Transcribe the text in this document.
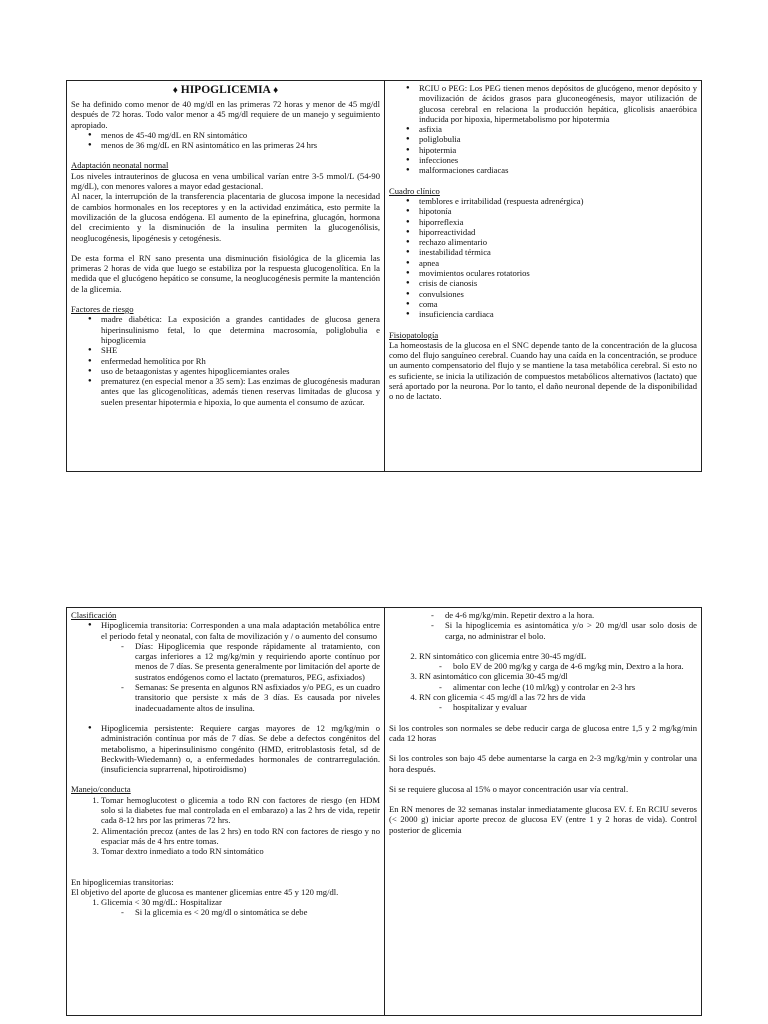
♦ HIPOGLICEMIA ♦

Se ha definido como menor de 40 mg/dl en las primeras 72 horas y menor de 45 mg/dl después de 72 horas. Todo valor menor a 45 mg/dl requiere de un manejo y seguimiento apropiado.

● menos de 45-40 mg/dL en RN sintomático
● menos de 36 mg/dL en RN asintomático en las primeras 24 hrs

Adaptación neonatal normal

Los niveles intrauterinos de glucosa en vena umbilical varían entre 3-5 mmol/L (54-90 mg/dL), con menores valores a mayor edad gestacional.

Al nacer, la interrupción de la transferencia placentaria de glucosa impone la necesidad de cambios hormonales en los receptores y en la actividad enzimática, esto permite la movilización de la glucosa endógena. El aumento de la epinefrina, glucagón, hormona del crecimiento y la disminución de la insulina permiten la glucogenólisis, neoglucogénesis, lipogénesis y cetogénesis.

De esta forma el RN sano presenta una disminución fisiológica de la glicemia las primeras 2 horas de vida que luego se estabiliza por la respuesta glucogenolítica. En la medida que el glucógeno hepático se consume, la neoglucogénesis permite la mantención de la glicemia.

Factores de riesgo

● madre diabética: La exposición a grandes cantidades de glucosa genera hiperinsulinismo fetal, lo que determina macrosomía, poliglobulia e hipoglicemia
● SHE
● enfermedad hemolítica por Rh
● uso de betaagonistas y agentes hipoglicemiantes orales
● prematurez (en especial menor a 35 sem): Las enzimas de glucogénesis maduran antes que las glicogenolíticas, además tienen reservas limitadas de glucosa y suelen presentar hipotermia e hipoxia, lo que aumenta el consumo de azúcar.
● RCIU o PEG: Los PEG tienen menos depósitos de glucógeno, menor depósito y movilización de ácidos grasos para gluconeogénesis, mayor utilización de glucosa cerebral en relaciona la producción hepática, glicolisis anaeróbica inducida por hipoxia, hipermetabolismo por hipotermia
● asfixia
● poliglobulia
● hipotermia
● infecciones
● malformaciones cardiacas

Cuadro clínico

● temblores e irritabilidad (respuesta adrenérgica)
● hipotonía
● hiporreflexia
● hiporreactividad
● rechazo alimentario
● inestabilidad térmica
● apnea
● movimientos oculares rotatorios
● crisis de cianosis
● convulsiones
● coma
● insuficiencia cardiaca

Fisiopatología

La homeostasis de la glucosa en el SNC depende tanto de la concentración de la glucosa como del flujo sanguíneo cerebral. Cuando hay una caída en la concentración, se produce un aumento compensatorio del flujo y se mantiene la tasa metabólica cerebral. Si esto no es suficiente, se inicia la utilización de compuestos metabólicos alternativos (lactato) que será aportado por la neurona. Por lo tanto, el daño neuronal depende de la disponibilidad o no de lactato.

Clasificación

● Hipoglicemia transitoria: Corresponden a una mala adaptación metabólica entre el periodo fetal y neonatal, con falta de movilización y / o aumento del consumo
- Días: Hipoglicemia que responde rápidamente al tratamiento, con cargas inferiores a 12 mg/kg/min y requiriendo aporte contínuo por menos de 7 días. Se presenta generalmente por limitación del aporte de sustratos endógenos como el lactato (prematuros, PEG, asfixiados)
- Semanas: Se presenta en algunos RN asfixiados y/o PEG, es un cuadro transitorio que persiste x más de 3 días. Es causada por niveles inadecuadamente altos de insulina.
● Hipoglicemia persistente: Requiere cargas mayores de 12 mg/kg/min o administración contínua por más de 7 días. Se debe a defectos congénitos del metabolismo, a hiperinsulinismo congénito (HMD, eritroblastosis fetal, sd de Beckwith-Wiedemann) o, a enfermedades hormonales de contrarregulación. (insuficiencia suprarrenal, hipotiroidismo)

Manejo/conducta

1. Tomar hemoglucotest o glicemia a todo RN con factores de riesgo (en HDM solo si la diabetes fue mal controlada en el embarazo) a las 2 hrs de vida, repetir cada 8-12 hrs por las primeras 72 hrs.
2. Alimentación precoz (antes de las 2 hrs) en todo RN con factores de riesgo y no espaciar más de 4 hrs entre tomas.
3. Tomar dextro inmediato a todo RN sintomático

En hipoglicemias transitorias:

El objetivo del aporte de glucosa es mantener glicemias entre 45 y 120 mg/dl.

1. Glicemia < 30 mg/dL: Hospitalizar
- Si la glicemia es < 20 mg/dl o sintomática se debe
- de 4-6 mg/kg/min. Repetir dextro a la hora.
- Si la hipoglicemia es asintomática y/o > 20 mg/dl usar solo dosis de carga, no administrar el bolo.
2. RN sintomático con glicemia entre 30-45 mg/dL
- bolo EV de 200 mg/kg y carga de 4-6 mg/kg min, Dextro a la hora.
3. RN asintomático con glicemia 30-45 mg/dl
- alimentar con leche (10 ml/kg) y controlar en 2-3 hrs
4. RN con glicemia < 45 mg/dl a las 72 hrs de vida
- hospitalizar y evaluar

Si los controles son normales se debe reducir carga de glucosa entre 1,5 y 2 mg/kg/min cada 12 horas

Si los controles son bajo 45 debe aumentarse la carga en 2-3 mg/kg/min y controlar una hora después.

Si se requiere glucosa al 15% o mayor concentración usar vía central.

En RN menores de 32 semanas instalar inmediatamente glucosa EV. f. En RCIU severos (< 2000 g) iniciar aporte precoz de glucosa EV (entre 1 y 2 horas de vida). Control posterior de glicemia
